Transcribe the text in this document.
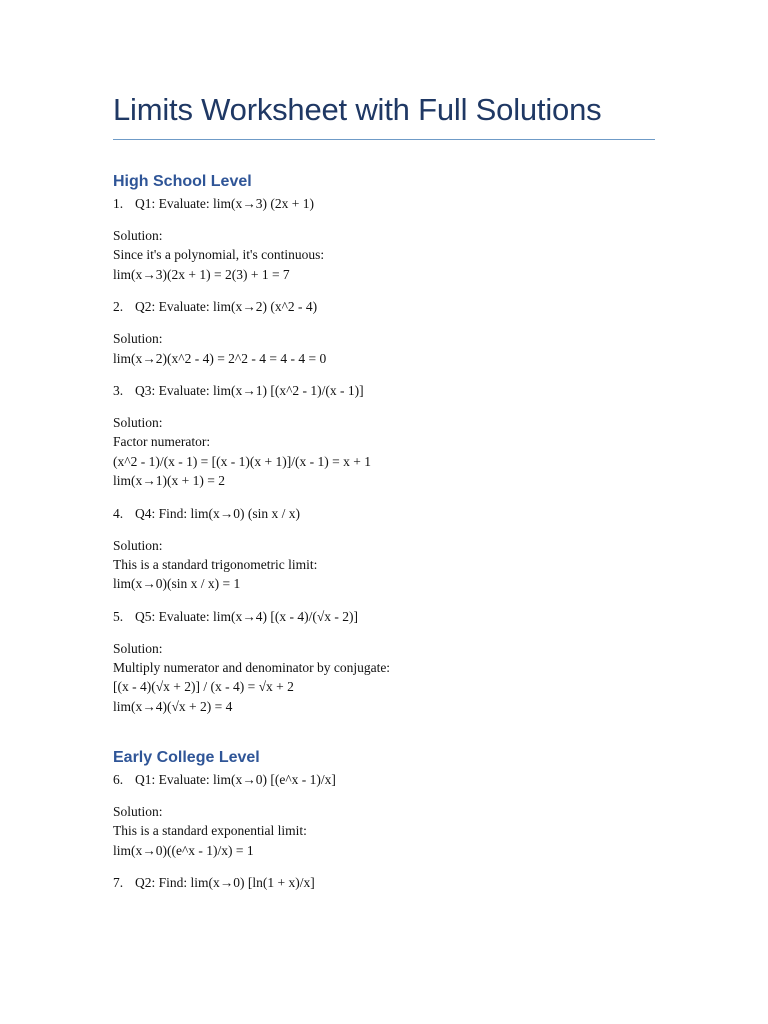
Limits Worksheet with Full Solutions
High School Level
1. Q1: Evaluate: lim(x→3) (2x + 1)
Solution:
Since it's a polynomial, it's continuous:
lim(x→3)(2x + 1) = 2(3) + 1 = 7
2. Q2: Evaluate: lim(x→2) (x^2 - 4)
Solution:
lim(x→2)(x^2 - 4) = 2^2 - 4 = 4 - 4 = 0
3. Q3: Evaluate: lim(x→1) [(x^2 - 1)/(x - 1)]
Solution:
Factor numerator:
(x^2 - 1)/(x - 1) = [(x - 1)(x + 1)]/(x - 1) = x + 1
lim(x→1)(x + 1) = 2
4. Q4: Find: lim(x→0) (sin x / x)
Solution:
This is a standard trigonometric limit:
lim(x→0)(sin x / x) = 1
5. Q5: Evaluate: lim(x→4) [(x - 4)/(√x - 2)]
Solution:
Multiply numerator and denominator by conjugate:
[(x - 4)(√x + 2)] / (x - 4) = √x + 2
lim(x→4)(√x + 2) = 4
Early College Level
6. Q1: Evaluate: lim(x→0) [(e^x - 1)/x]
Solution:
This is a standard exponential limit:
lim(x→0)((e^x - 1)/x) = 1
7. Q2: Find: lim(x→0) [ln(1 + x)/x]
